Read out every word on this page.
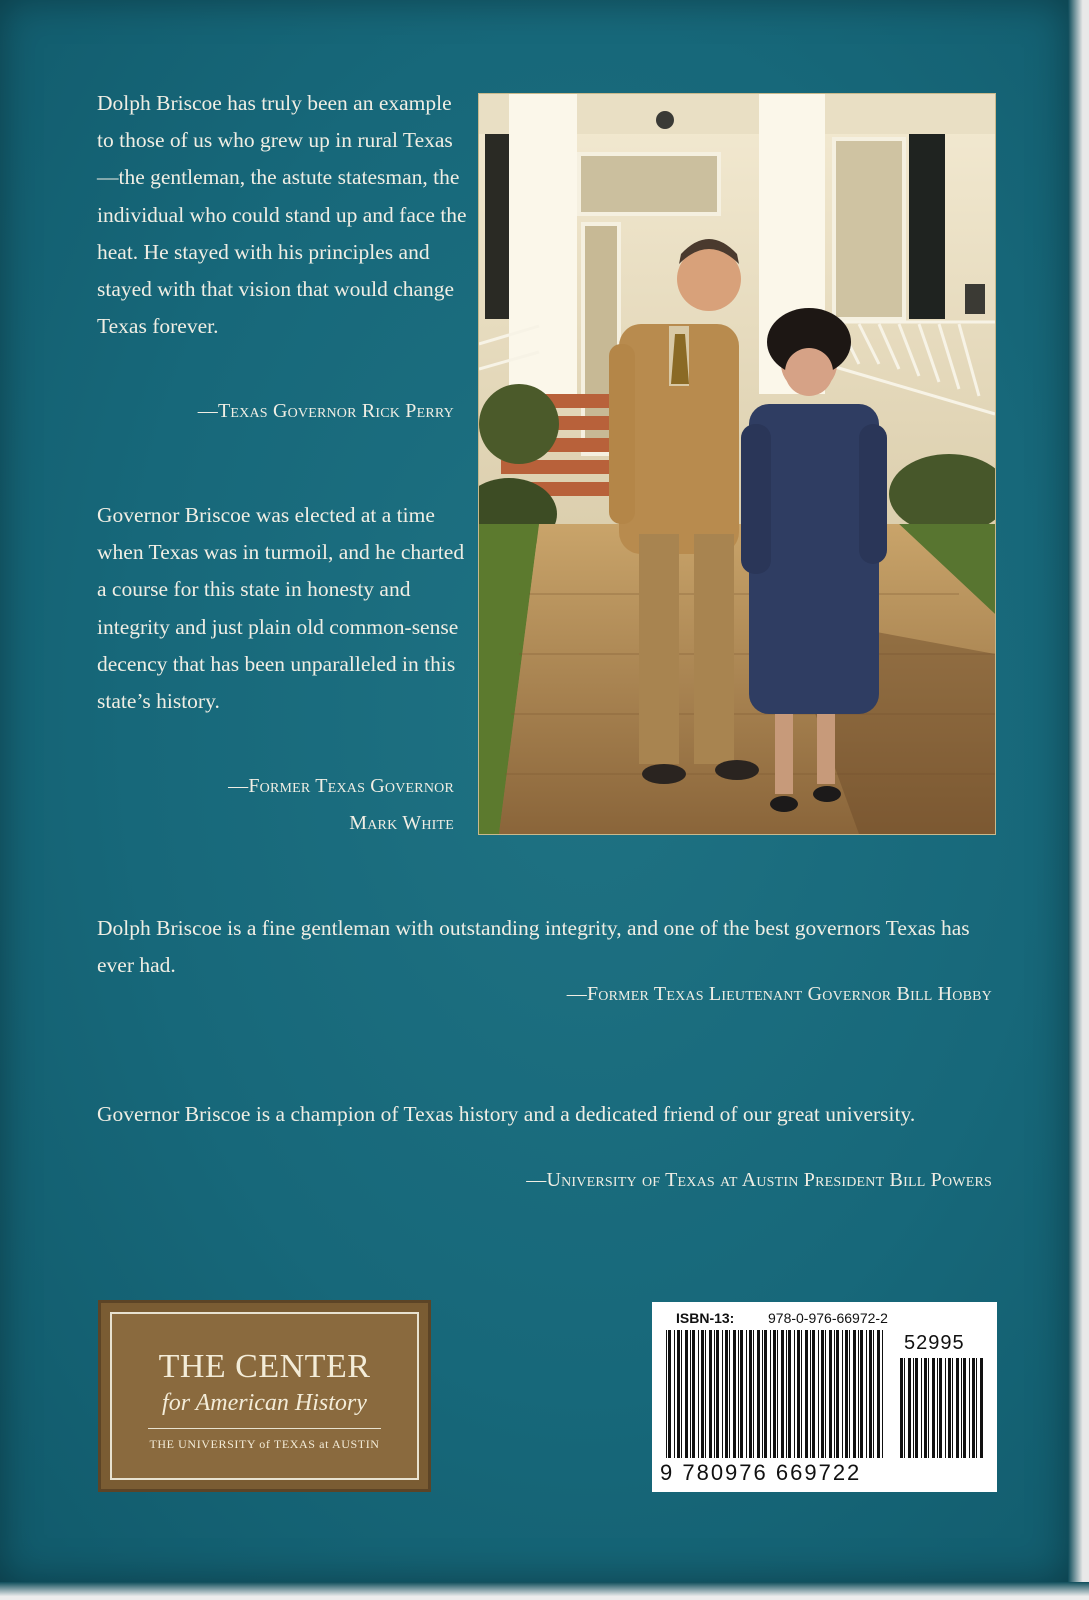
Dolph Briscoe has truly been an example to those of us who grew up in rural Texas—the gentleman, the astute statesman, the individual who could stand up and face the heat. He stayed with his principles and stayed with that vision that would change Texas forever.

—Texas Governor Rick Perry

Governor Briscoe was elected at a time when Texas was in turmoil, and he charted a course for this state in honesty and integrity and just plain old common-sense decency that has been unparalleled in this state’s history.

—Former Texas Governor
Mark White

Dolph Briscoe is a fine gentleman with outstanding integrity, and one of the best governors Texas has ever had.

—Former Texas Lieutenant Governor Bill Hobby

Governor Briscoe is a champion of Texas history and a dedicated friend of our great university.

—University of Texas at Austin President Bill Powers
THE CENTER
for American History
THE UNIVERSITY of TEXAS at AUSTIN
ISBN-13: 978-0-976-66972-2
52995
9 780976 669722
